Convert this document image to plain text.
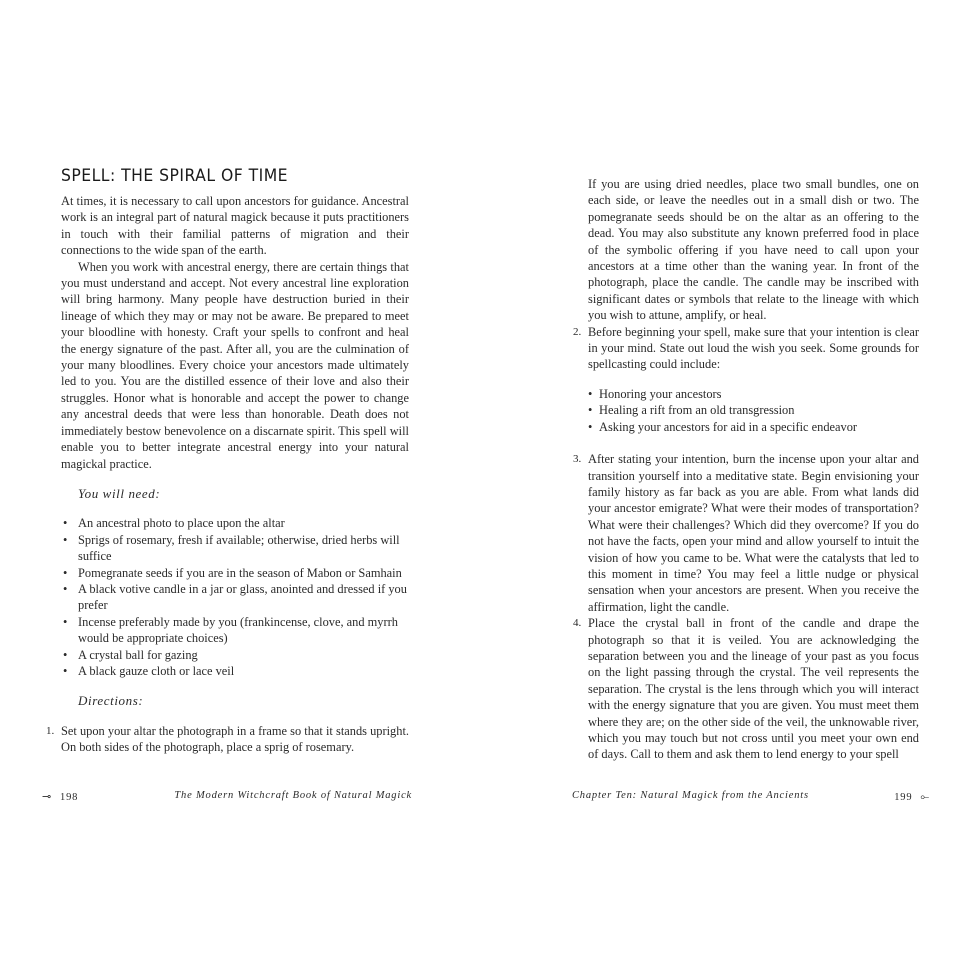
SPELL: THE SPIRAL OF TIME

At times, it is necessary to call upon ancestors for guidance. Ancestral work is an integral part of natural magick because it puts practitioners in touch with their familial patterns of migration and their connections to the wide span of the earth.

When you work with ancestral energy, there are certain things that you must understand and accept. Not every ancestral line exploration will bring harmony. Many people have destruction buried in their lineage of which they may or may not be aware. Be prepared to meet your bloodline with honesty. Craft your spells to confront and heal the energy signature of the past. After all, you are the culmination of your many bloodlines. Every choice your ancestors made ultimately led to you. You are the distilled essence of their love and also their struggles. Honor what is honorable and accept the power to change any ancestral deeds that were less than honorable. Death does not immediately bestow benevolence on a discarnate spirit. This spell will enable you to better integrate ancestral energy into your natural magickal practice.

You will need:
• An ancestral photo to place upon the altar
• Sprigs of rosemary, fresh if available; otherwise, dried herbs will suffice
• Pomegranate seeds if you are in the season of Mabon or Samhain
• A black votive candle in a jar or glass, anointed and dressed if you prefer
• Incense preferably made by you (frankincense, clove, and myrrh would be appropriate choices)
• A crystal ball for gazing
• A black gauze cloth or lace veil
Directions:

1. Set upon your altar the photograph in a frame so that it stands upright. On both sides of the photograph, place a sprig of rosemary.

⊸ 198	The Modern Witchcraft Book of Natural Magick

If you are using dried needles, place two small bundles, one on each side, or leave the needles out in a small dish or two. The pomegranate seeds should be on the altar as an offering to the dead. You may also substitute any known preferred food in place of the symbolic offering if you have need to call upon your ancestors at a time other than the waning year. In front of the photograph, place the candle. The candle may be inscribed with significant dates or symbols that relate to the lineage with which you wish to attune, amplify, or heal.

2. Before beginning your spell, make sure that your intention is clear in your mind. State out loud the wish you seek. Some grounds for spellcasting could include:

• Honoring your ancestors
• Healing a rift from an old transgression
• Asking your ancestors for aid in a specific endeavor

3. After stating your intention, burn the incense upon your altar and transition yourself into a meditative state. Begin envisioning your family history as far back as you are able. From what lands did your ancestor emigrate? What were their modes of transportation? What were their challenges? Which did they overcome? If you do not have the facts, open your mind and allow yourself to intuit the vision of how you came to be. What were the catalysts that led to this moment in time? You may feel a little nudge or physical sensation when your ancestors are present. When you receive the affirmation, light the candle.

4. Place the crystal ball in front of the candle and drape the photograph so that it is veiled. You are acknowledging the separation between you and the lineage of your past as you focus on the light passing through the crystal. The veil represents the separation. The crystal is the lens through which you will interact with the energy signature that you are given. You must meet them where they are; on the other side of the veil, the unknowable river, which you may touch but not cross until you meet your own end of days. Call to them and ask them to lend energy to your spell

Chapter Ten: Natural Magick from the Ancients	199 ⟜
